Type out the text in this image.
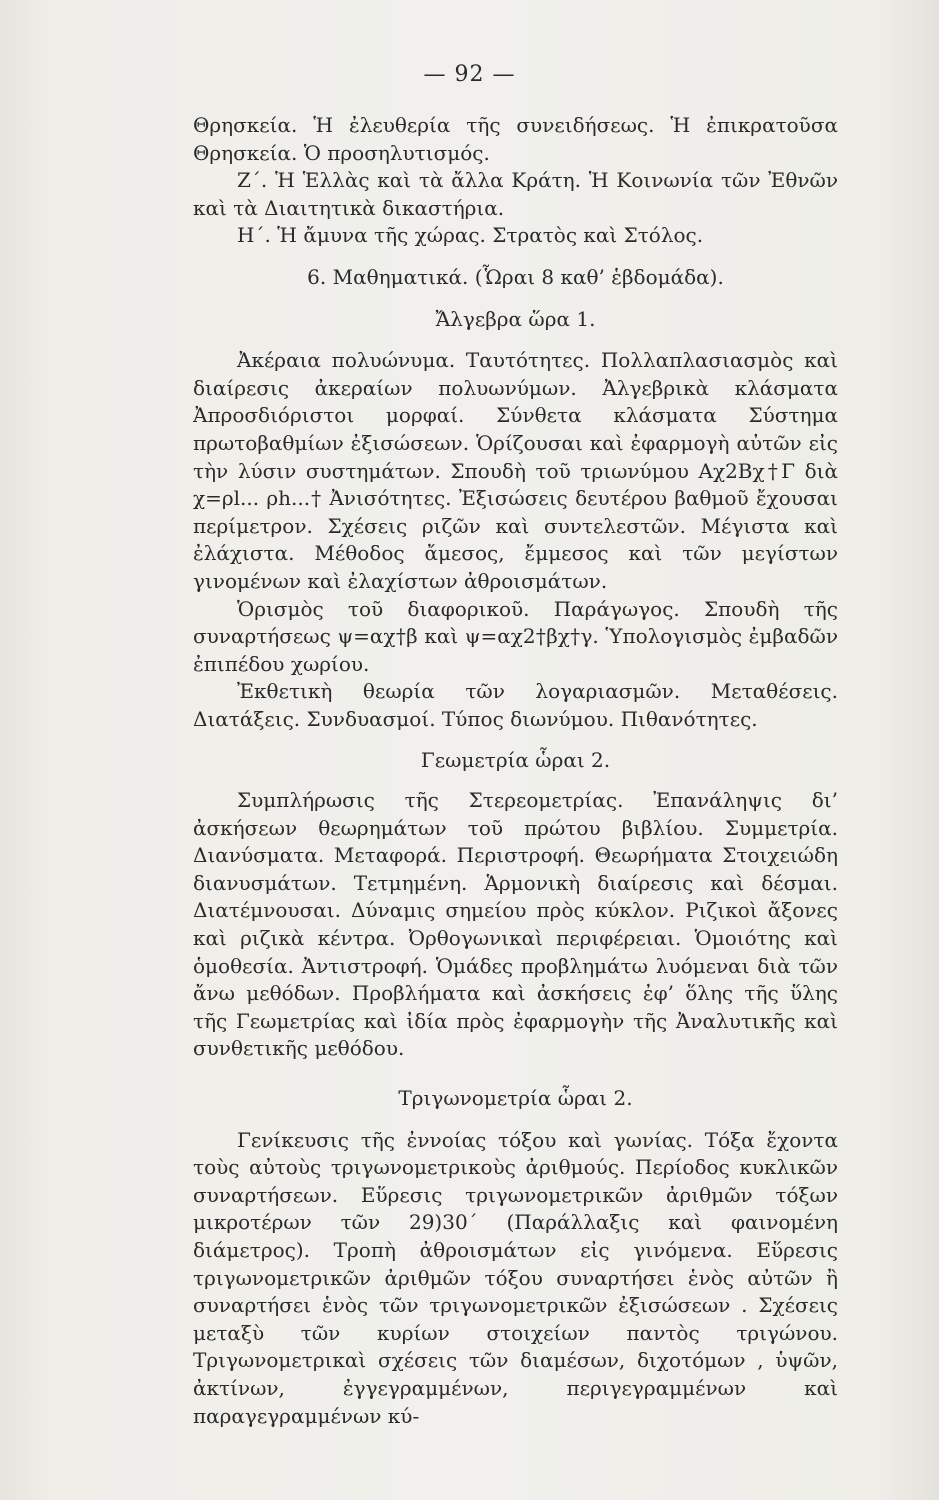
— 92 —

Θρησκεία. Ἡ ἐλευθερία τῆς συνειδήσεως. Ἡ ἐπικρατοῦσα Θρησκεία. Ὁ προσηλυτισμός.

Ζ΄. Ἡ Ἑλλὰς καὶ τὰ ἄλλα Κράτη. Ἡ Κοινωνία τῶν Ἐθνῶν καὶ τὰ Διαιτητικὰ δικαστήρια.

Η΄. Ἡ ἄμυνα τῆς χώρας. Στρατὸς καὶ Στόλος.

6. Μαθηματικά. (Ὧραι 8 καθ’ ἑβδομάδα).

Ἄλγεβρα ὥρα 1.

Ἀκέραια πολυώνυμα. Ταυτότητες. Πολλαπλασιασμὸς καὶ διαίρεσις ἀκεραίων πολυωνύμων. Ἀλγεβρικὰ κλάσματα Ἀπροσδιόριστοι μορφαί. Σύνθετα κλάσματα Σύστημα πρωτοβαθμίων ἐξισώσεων. Ὁρίζουσαι καὶ ἐφαρμογὴ αὐτῶν εἰς τὴν λύσιν συστημάτων. Σπουδὴ τοῦ τριωνύμου Αχ2Βχ†Γ διὰ χ=ρl... ρh...† Ἀνισότητες. Ἐξισώσεις δευτέρου βαθμοῦ ἔχουσαι περίμετρον. Σχέσεις ριζῶν καὶ συντελεστῶν. Μέγιστα καὶ ἐλάχιστα. Μέθοδος ἄμεσος, ἔμμεσος καὶ τῶν μεγίστων γινομένων καὶ ἐλαχίστων ἀθροισμάτων.

Ὁρισμὸς τοῦ διαφορικοῦ. Παράγωγος. Σπουδὴ τῆς συναρτήσεως ψ=αχ†β καὶ ψ=αχ2†βχ†γ. Ὑπολογισμὸς ἐμβαδῶν ἐπιπέδου χωρίου.

Ἐκθετικὴ θεωρία τῶν λογαριασμῶν. Μεταθέσεις. Διατάξεις. Συνδυασμοί. Τύπος διωνύμου. Πιθανότητες.

Γεωμετρία ὧραι 2.

Συμπλήρωσις τῆς Στερεομετρίας. Ἐπανάληψις δι’ ἀσκήσεων θεωρημάτων τοῦ πρώτου βιβλίου. Συμμετρία. Διανύσματα. Μεταφορά. Περιστροφή. Θεωρήματα Στοιχειώδη διανυσμάτων. Τετμημένη. Ἁρμονικὴ διαίρεσις καὶ δέσμαι. Διατέμνουσαι. Δύναμις σημείου πρὸς κύκλον. Ριζικοὶ ἄξονες καὶ ριζικὰ κέντρα. Ὀρθογωνικαὶ περιφέρειαι. Ὁμοιότης καὶ ὁμοθεσία. Ἀντιστροφή. Ὁμάδες προβλημάτω λυόμεναι διὰ τῶν ἄνω μεθόδων. Προβλήματα καὶ ἀσκήσεις ἐφ’ ὅλης τῆς ὕλης τῆς Γεωμετρίας καὶ ἰδία πρὸς ἐφαρμογὴν τῆς Ἀναλυτικῆς καὶ συνθετικῆς μεθόδου.

Τριγωνομετρία ὧραι 2.

Γενίκευσις τῆς ἐννοίας τόξου καὶ γωνίας. Τόξα ἔχοντα τοὺς αὐτοὺς τριγωνομετρικοὺς ἀριθμούς. Περίοδος κυκλικῶν συναρτήσεων. Εὕρεσις τριγωνομετρικῶν ἀριθμῶν τόξων μικροτέρων τῶν 29)30΄ (Παράλλαξις καὶ φαινομένη διάμετρος). Τροπὴ ἀθροισμάτων εἰς γινόμενα. Εὕρεσις τριγωνομετρικῶν ἀριθμῶν τόξου συναρτήσει ἑνὸς αὐτῶν ἢ συναρτήσει ἑνὸς τῶν τριγωνομετρικῶν ἐξισώσεων . Σχέσεις μεταξὺ τῶν κυρίων στοιχείων παντὸς τριγώνου. Τριγωνομετρικαὶ σχέσεις τῶν διαμέσων, διχοτόμων , ὑψῶν, ἀκτίνων, ἐγγεγραμμένων, περιγεγραμμένων καὶ παραγεγραμμένων κύ-
